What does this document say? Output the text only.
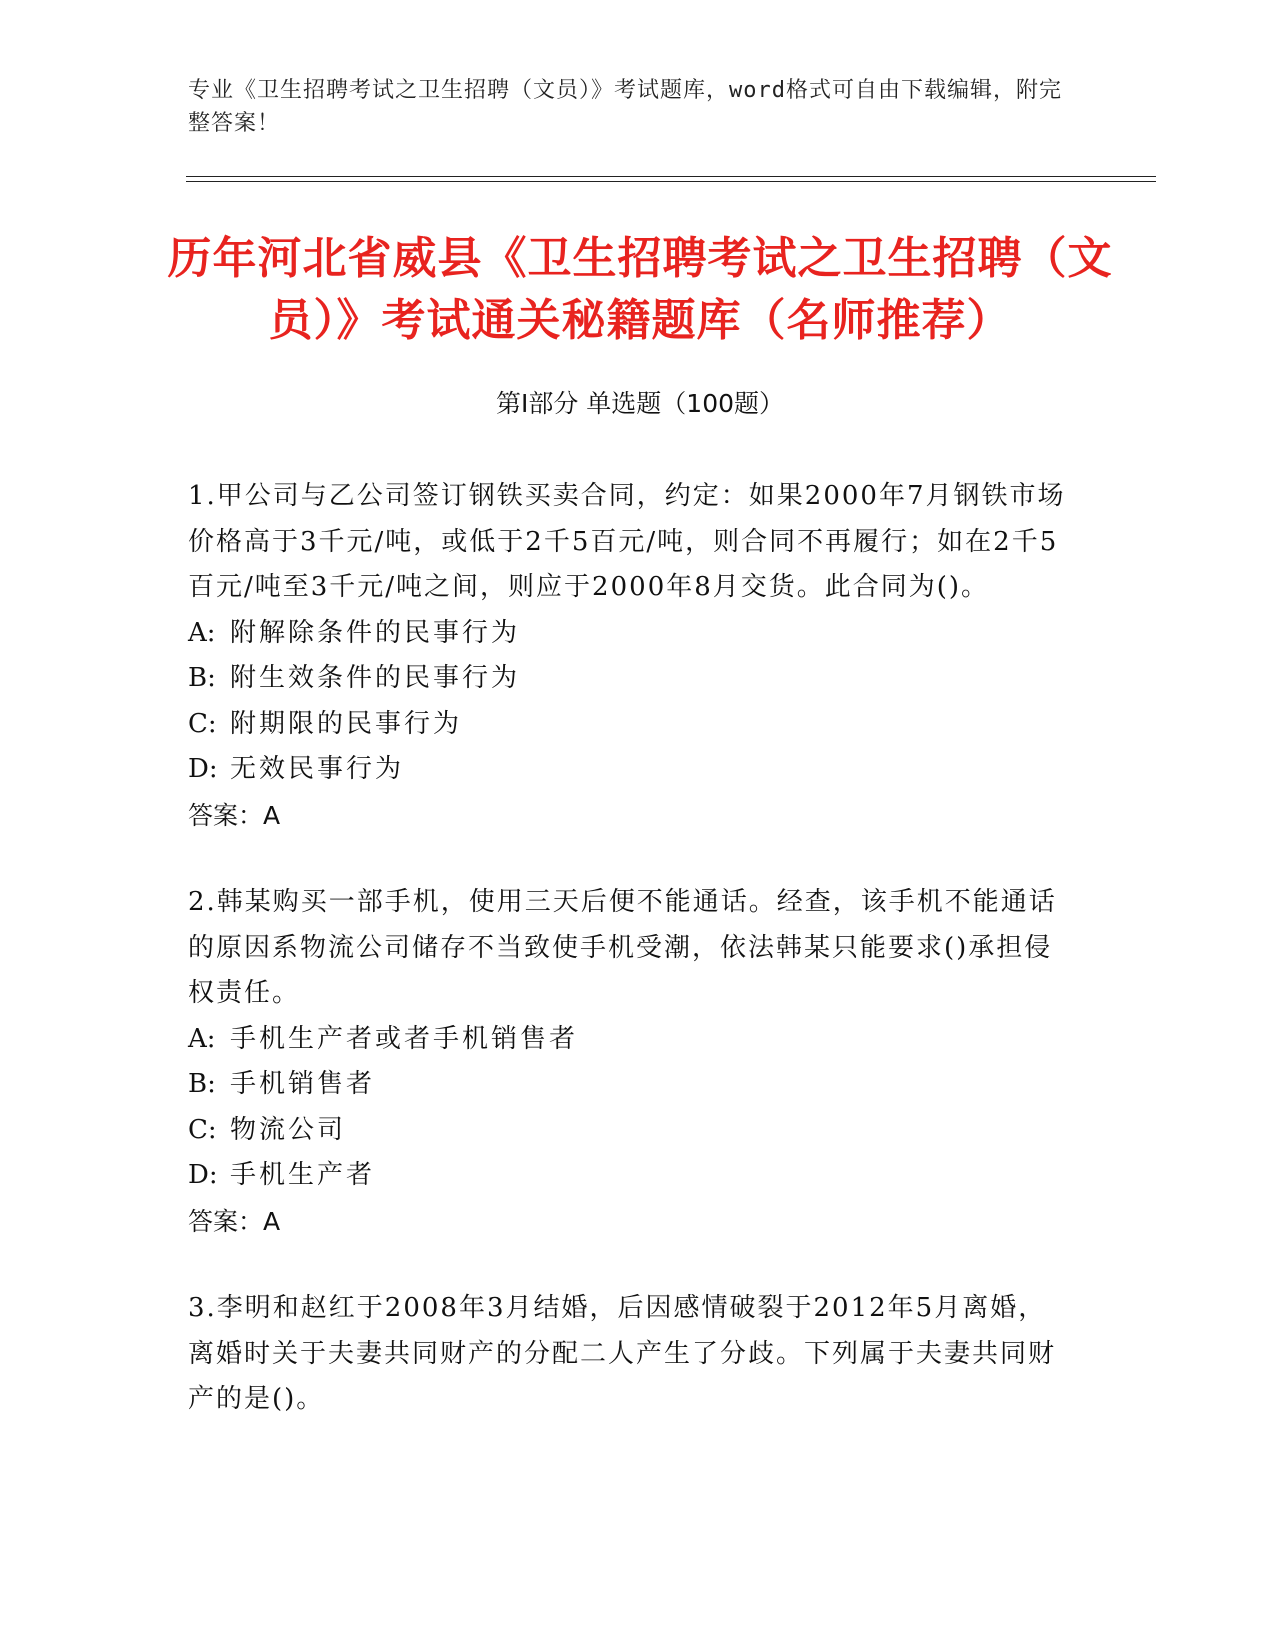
专业《卫生招聘考试之卫生招聘（文员）》考试题库，word格式可自由下载编辑，附完整答案！
历年河北省威县《卫生招聘考试之卫生招聘（文员）》考试通关秘籍题库（名师推荐）
第Ⅰ部分 单选题（100题）

1.甲公司与乙公司签订钢铁买卖合同，约定：如果2000年7月钢铁市场价格高于3千元/吨，或低于2千5百元/吨，则合同不再履行；如在2千5百元/吨至3千元/吨之间，则应于2000年8月交货。此合同为()。

A: 附解除条件的民事行为

B: 附生效条件的民事行为

C: 附期限的民事行为

D: 无效民事行为

答案：A

2.韩某购买一部手机，使用三天后便不能通话。经查，该手机不能通话的原因系物流公司储存不当致使手机受潮，依法韩某只能要求()承担侵权责任。

A: 手机生产者或者手机销售者

B: 手机销售者

C: 物流公司

D: 手机生产者

答案：A

3.李明和赵红于2008年3月结婚，后因感情破裂于2012年5月离婚，离婚时关于夫妻共同财产的分配二人产生了分歧。下列属于夫妻共同财产的是()。
